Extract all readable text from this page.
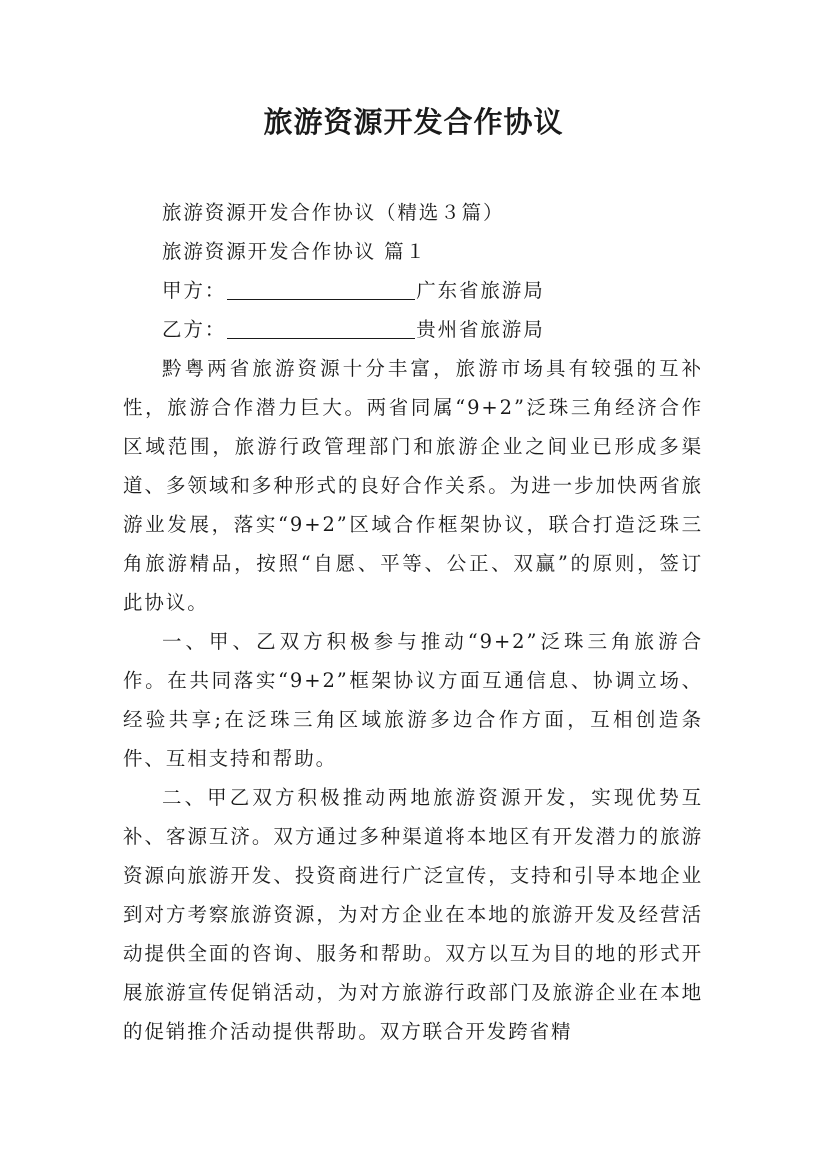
旅游资源开发合作协议

旅游资源开发合作协议（精选３篇）

旅游资源开发合作协议 篇１

甲方：	广东省旅游局

乙方：	贵州省旅游局

黔粤两省旅游资源十分丰富，旅游市场具有较强的互补性，旅游合作潜力巨大。两省同属“9+2”泛珠三角经济合作区域范围，旅游行政管理部门和旅游企业之间业已形成多渠道、多领域和多种形式的良好合作关系。为进一步加快两省旅游业发展，落实“9+2”区域合作框架协议，联合打造泛珠三角旅游精品，按照“自愿、平等、公正、双赢”的原则，签订此协议。

一、甲、乙双方积极参与推动“9+2”泛珠三角旅游合作。在共同落实“9+2”框架协议方面互通信息、协调立场、经验共享;在泛珠三角区域旅游多边合作方面，互相创造条件、互相支持和帮助。

二、甲乙双方积极推动两地旅游资源开发，实现优势互补、客源互济。双方通过多种渠道将本地区有开发潜力的旅游资源向旅游开发、投资商进行广泛宣传，支持和引导本地企业到对方考察旅游资源，为对方企业在本地的旅游开发及经营活动提供全面的咨询、服务和帮助。双方以互为目的地的形式开展旅游宣传促销活动，为对方旅游行政部门及旅游企业在本地的促销推介活动提供帮助。双方联合开发跨省精
